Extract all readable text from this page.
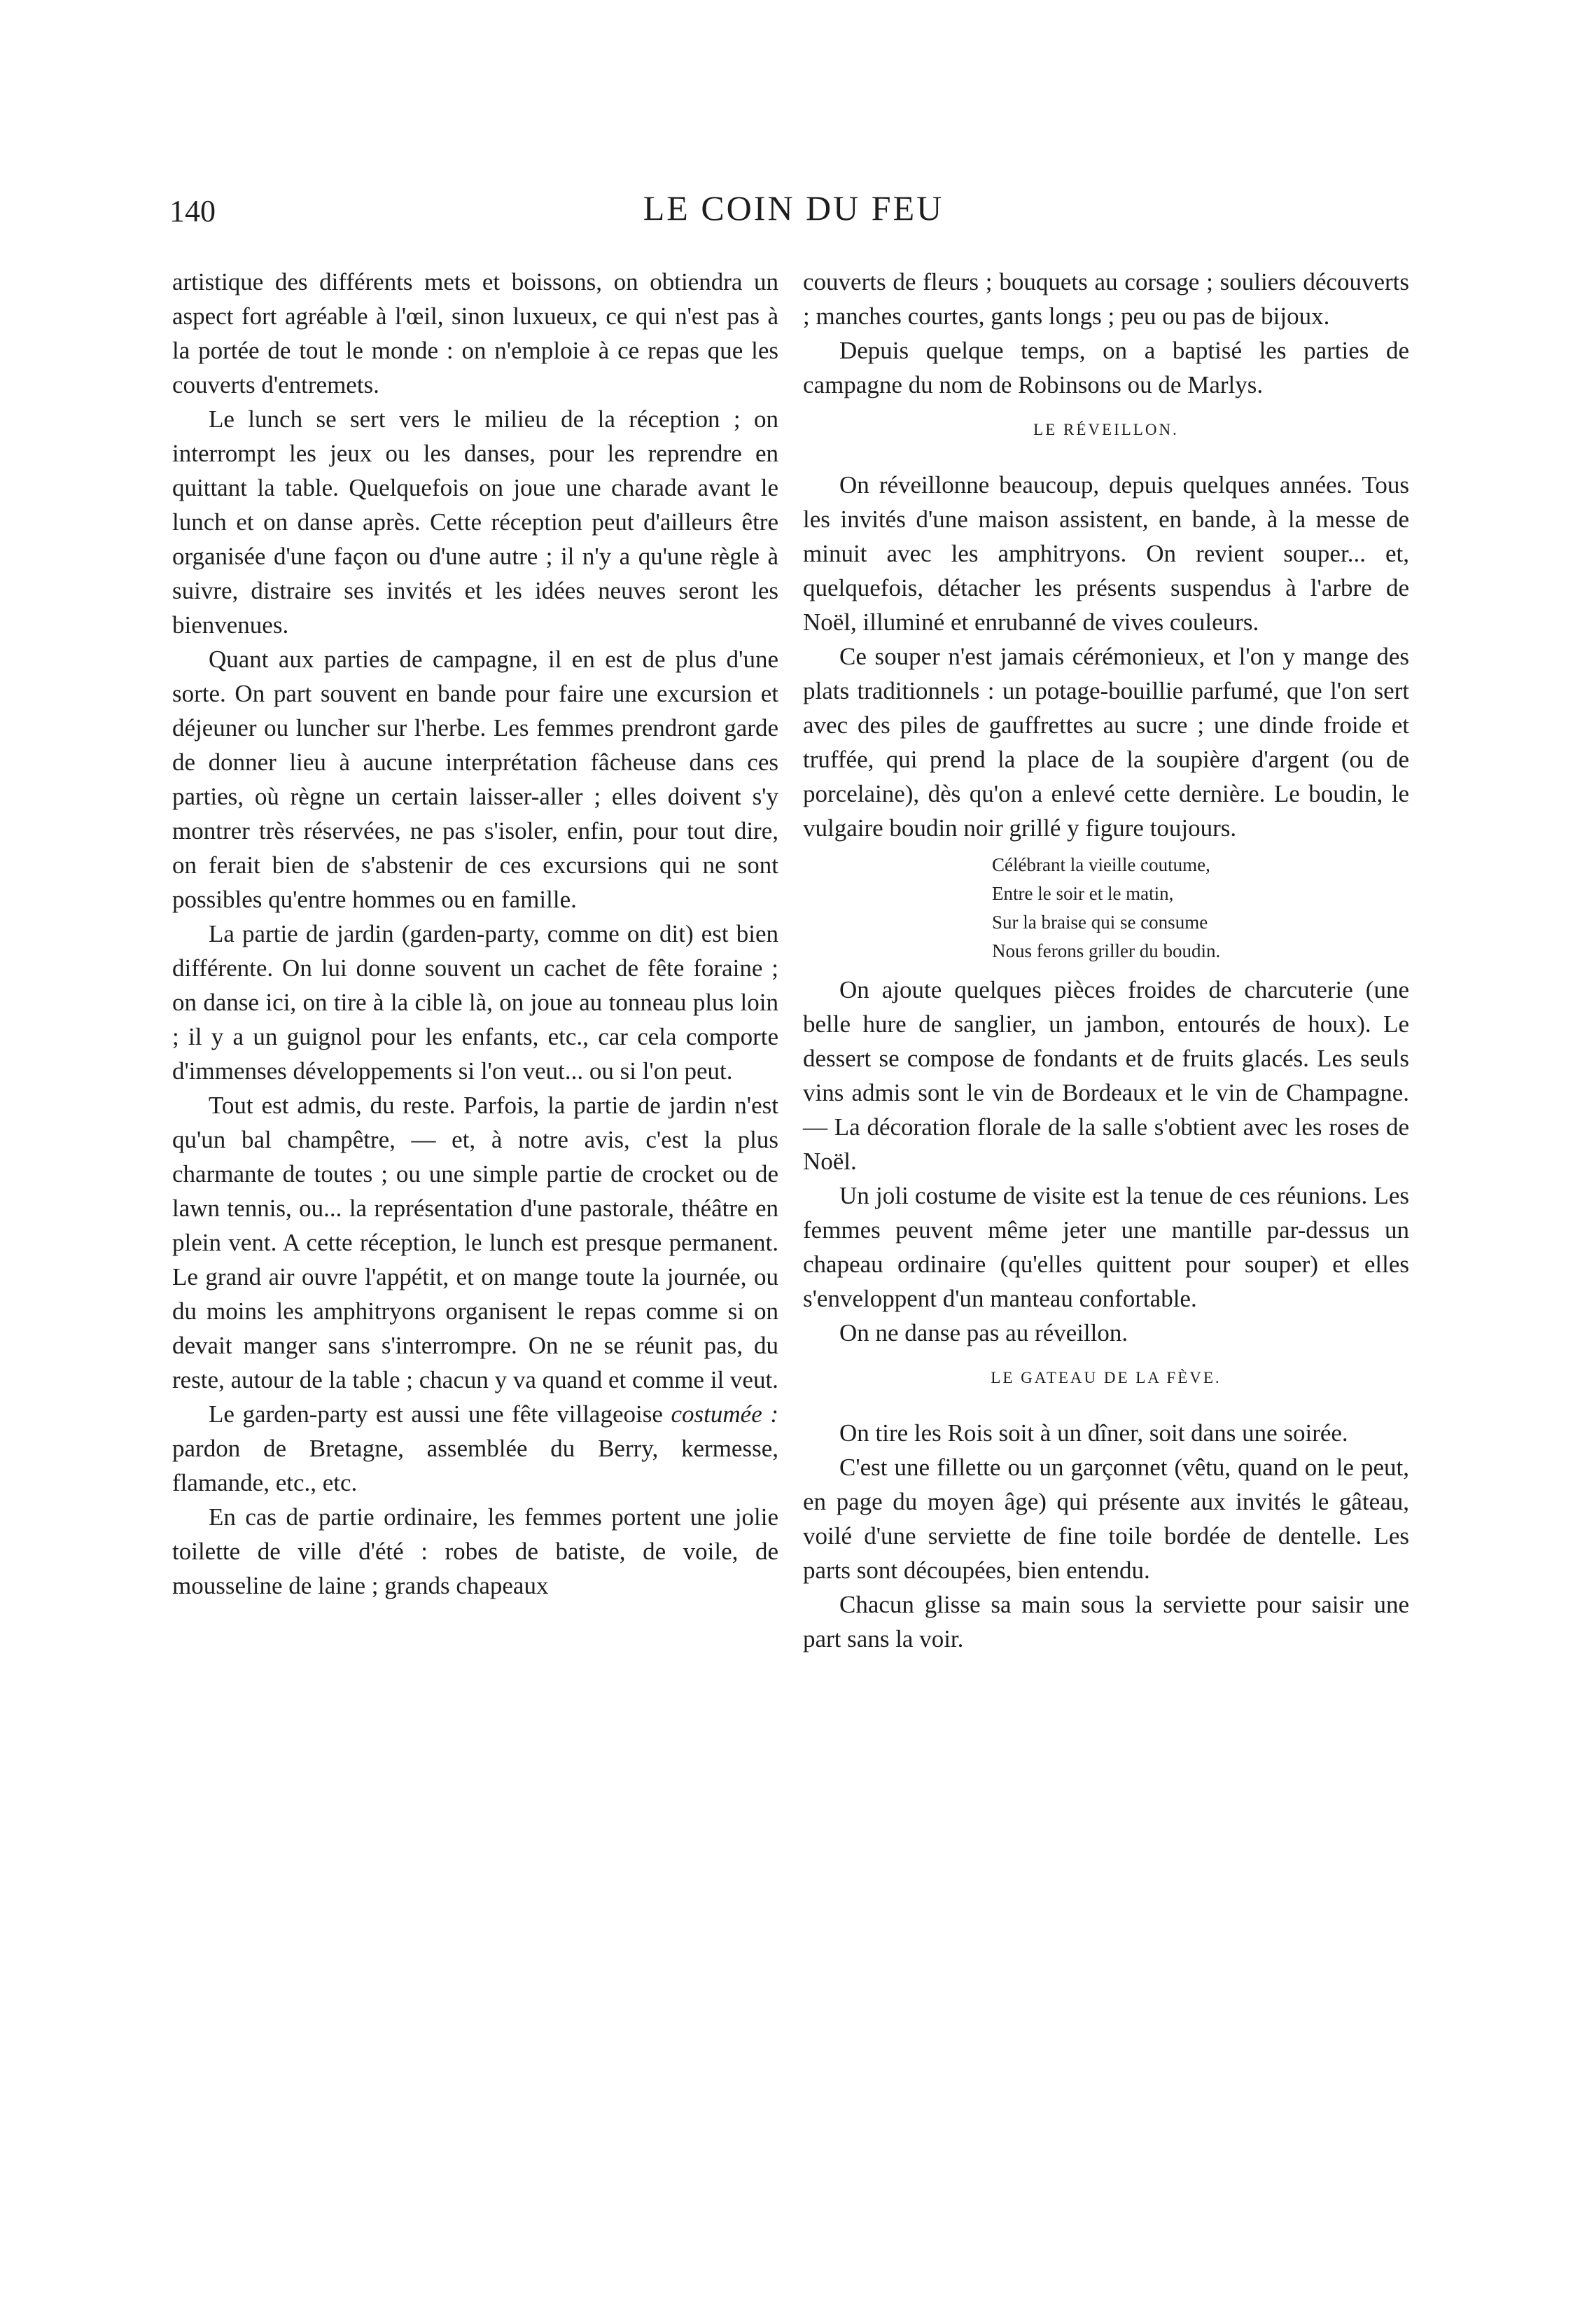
LE COIN DU FEU
140

artistique des différents mets et boissons, on obtiendra un aspect fort agréable à l'œil, sinon luxueux, ce qui n'est pas à la portée de tout le monde : on n'emploie à ce repas que les couverts d'entremets.

Le lunch se sert vers le milieu de la réception ; on interrompt les jeux ou les danses, pour les reprendre en quittant la table. Quelquefois on joue une charade avant le lunch et on danse après. Cette réception peut d'ailleurs être organisée d'une façon ou d'une autre ; il n'y a qu'une règle à suivre, distraire ses invités et les idées neuves seront les bienvenues.

Quant aux parties de campagne, il en est de plus d'une sorte. On part souvent en bande pour faire une excursion et déjeuner ou luncher sur l'herbe. Les femmes prendront garde de donner lieu à aucune interprétation fâcheuse dans ces parties, où règne un certain laisser-aller ; elles doivent s'y montrer très réservées, ne pas s'isoler, enfin, pour tout dire, on ferait bien de s'abstenir de ces excursions qui ne sont possibles qu'entre hommes ou en famille.

La partie de jardin (garden-party, comme on dit) est bien différente. On lui donne souvent un cachet de fête foraine ; on danse ici, on tire à la cible là, on joue au tonneau plus loin ; il y a un guignol pour les enfants, etc., car cela comporte d'immenses développements si l'on veut... ou si l'on peut.

Tout est admis, du reste. Parfois, la partie de jardin n'est qu'un bal champêtre, — et, à notre avis, c'est la plus charmante de toutes ; ou une simple partie de crocket ou de lawn tennis, ou... la représentation d'une pastorale, théâtre en plein vent. A cette réception, le lunch est presque permanent. Le grand air ouvre l'appétit, et on mange toute la journée, ou du moins les amphitryons organisent le repas comme si on devait manger sans s'interrompre. On ne se réunit pas, du reste, autour de la table ; chacun y va quand et comme il veut.

Le garden-party est aussi une fête villageoise costumée : pardon de Bretagne, assemblée du Berry, kermesse, flamande, etc., etc.

En cas de partie ordinaire, les femmes portent une jolie toilette de ville d'été : robes de batiste, de voile, de mousseline de laine ; grands chapeaux

couverts de fleurs ; bouquets au corsage ; souliers découverts ; manches courtes, gants longs ; peu ou pas de bijoux.

Depuis quelque temps, on a baptisé les parties de campagne du nom de Robinsons ou de Marlys.

LE RÉVEILLON.

On réveillonne beaucoup, depuis quelques années. Tous les invités d'une maison assistent, en bande, à la messe de minuit avec les amphitryons. On revient souper... et, quelquefois, détacher les présents suspendus à l'arbre de Noël, illuminé et enrubanné de vives couleurs.

Ce souper n'est jamais cérémonieux, et l'on y mange des plats traditionnels : un potage-bouillie parfumé, que l'on sert avec des piles de gauffrettes au sucre ; une dinde froide et truffée, qui prend la place de la soupière d'argent (ou de porcelaine), dès qu'on a enlevé cette dernière. Le boudin, le vulgaire boudin noir grillé y figure toujours.

Célébrant la vieille coutume,
Entre le soir et le matin,
Sur la braise qui se consume
Nous ferons griller du boudin.

On ajoute quelques pièces froides de charcuterie (une belle hure de sanglier, un jambon, entourés de houx). Le dessert se compose de fondants et de fruits glacés. Les seuls vins admis sont le vin de Bordeaux et le vin de Champagne.— La décoration florale de la salle s'obtient avec les roses de Noël.

Un joli costume de visite est la tenue de ces réunions. Les femmes peuvent même jeter une mantille par-dessus un chapeau ordinaire (qu'elles quittent pour souper) et elles s'enveloppent d'un manteau confortable.

On ne danse pas au réveillon.

LE GATEAU DE LA FÈVE.

On tire les Rois soit à un dîner, soit dans une soirée.

C'est une fillette ou un garçonnet (vêtu, quand on le peut, en page du moyen âge) qui présente aux invités le gâteau, voilé d'une serviette de fine toile bordée de dentelle. Les parts sont découpées, bien entendu.

Chacun glisse sa main sous la serviette pour saisir une part sans la voir.
